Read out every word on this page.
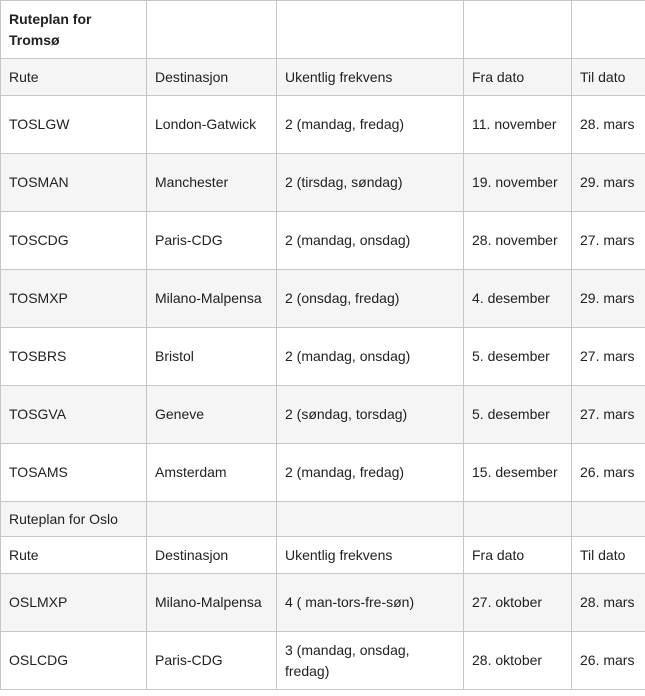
Ruteplan for Tromsø				
Rute	Destinasjon	Ukentlig frekvens	Fra dato	Til dato
TOSLGW	London-Gatwick	2 (mandag, fredag)	11. november	28. mars
TOSMAN	Manchester	2 (tirsdag, søndag)	19. november	29. mars
TOSCDG	Paris-CDG	2 (mandag, onsdag)	28. november	27. mars
TOSMXP	Milano-Malpensa	2 (onsdag, fredag)	4. desember	29. mars
TOSBRS	Bristol	2 (mandag, onsdag)	5. desember	27. mars
TOSGVA	Geneve	2 (søndag, torsdag)	5. desember	27. mars
TOSAMS	Amsterdam	2 (mandag, fredag)	15. desember	26. mars
Ruteplan for Oslo				
Rute	Destinasjon	Ukentlig frekvens	Fra dato	Til dato
OSLMXP	Milano-Malpensa	4 ( man-tors-fre-søn)	27. oktober	28. mars
OSLCDG	Paris-CDG	3 (mandag, onsdag, fredag)	28. oktober	26. mars
